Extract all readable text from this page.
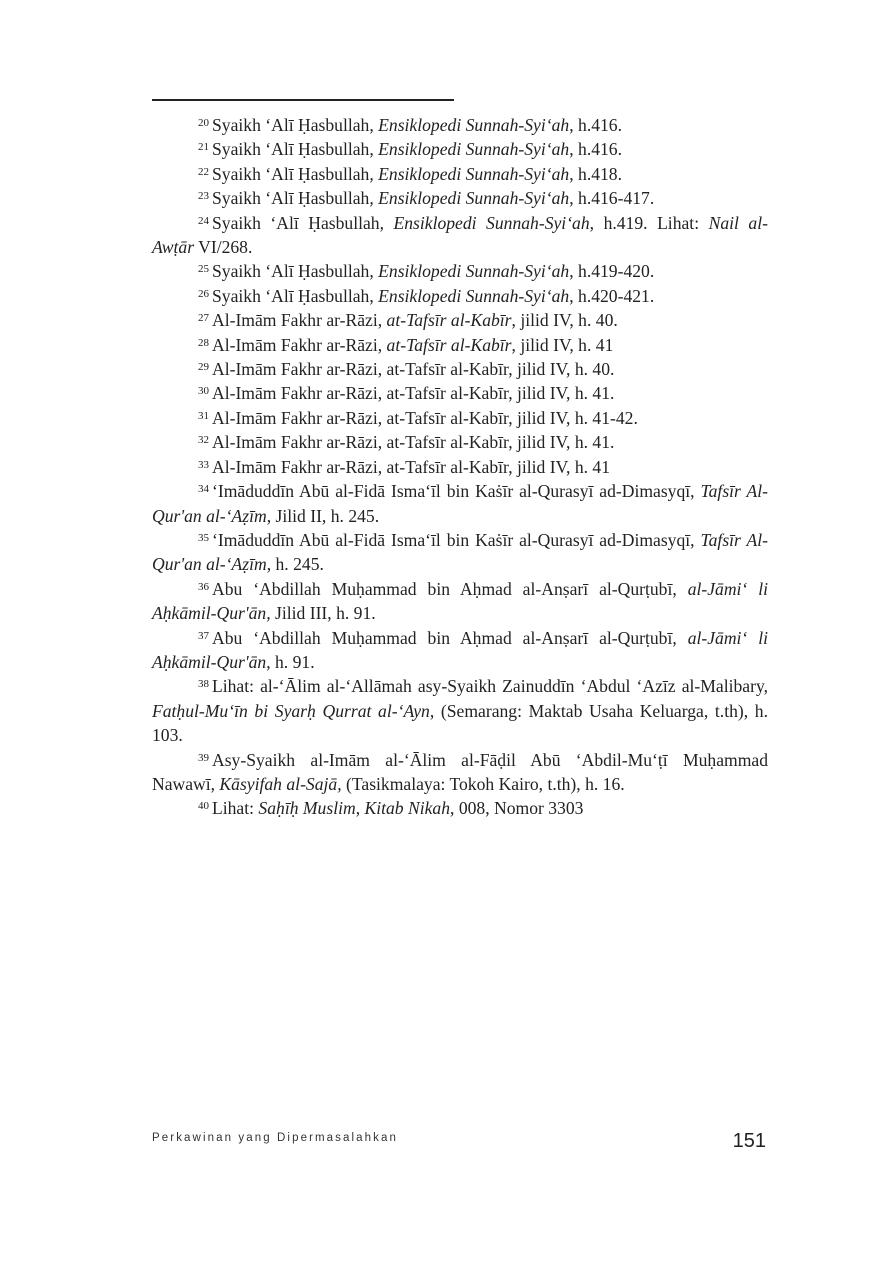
$^{20}$ Syaikh ‘Alī Ḥasbullah, Ensiklopedi Sunnah-Syi‘ah, h.416.

$^{21}$ Syaikh ‘Alī Ḥasbullah, Ensiklopedi Sunnah-Syi‘ah, h.416.

$^{22}$ Syaikh ‘Alī Ḥasbullah, Ensiklopedi Sunnah-Syi‘ah, h.418.

$^{23}$ Syaikh ‘Alī Ḥasbullah, Ensiklopedi Sunnah-Syi‘ah, h.416-417.

$^{24}$ Syaikh ‘Alī Ḥasbullah, Ensiklopedi Sunnah-Syi‘ah, h.419. Lihat: Nail al-Awṭār VI/268.

$^{25}$ Syaikh ‘Alī Ḥasbullah, Ensiklopedi Sunnah-Syi‘ah, h.419-420.

$^{26}$ Syaikh ‘Alī Ḥasbullah, Ensiklopedi Sunnah-Syi‘ah, h.420-421.

$^{27}$ Al-Imām Fakhr ar-Rāzi, at-Tafsīr al-Kabīr, jilid IV, h. 40.

$^{28}$ Al-Imām Fakhr ar-Rāzi, at-Tafsīr al-Kabīr, jilid IV, h. 41

$^{29}$ Al-Imām Fakhr ar-Rāzi, at-Tafsīr al-Kabīr, jilid IV, h. 40.

$^{30}$ Al-Imām Fakhr ar-Rāzi, at-Tafsīr al-Kabīr, jilid IV, h. 41.

$^{31}$ Al-Imām Fakhr ar-Rāzi, at-Tafsīr al-Kabīr, jilid IV, h. 41-42.

$^{32}$ Al-Imām Fakhr ar-Rāzi, at-Tafsīr al-Kabīr, jilid IV, h. 41.

$^{33}$ Al-Imām Fakhr ar-Rāzi, at-Tafsīr al-Kabīr, jilid IV, h. 41

$^{34}$ ‘Imāduddīn Abū al-Fidā Isma‘īl bin Kaṡīr al-Qurasyī ad-Dimasyqī, Tafsīr Al-Qur'an al-‘Aẓīm, Jilid II, h. 245.

$^{35}$ ‘Imāduddīn Abū al-Fidā Isma‘īl bin Kaṡīr al-Qurasyī ad-Dimasyqī, Tafsīr Al-Qur'an al-‘Aẓīm, h. 245.

$^{36}$ Abu ‘Abdillah Muḥammad bin Aḥmad al-Anṣarī al-Qurṭubī, al-Jāmi‘ li Aḥkāmil-Qur'ān, Jilid III, h. 91.

$^{37}$ Abu ‘Abdillah Muḥammad bin Aḥmad al-Anṣarī al-Qurṭubī, al-Jāmi‘ li Aḥkāmil-Qur'ān, h. 91.

$^{38}$ Lihat: al-‘Ālim al-‘Allāmah asy-Syaikh Zainuddīn ‘Abdul ‘Azīz al-Malibary, Fatḥul-Mu‘īn bi Syarḥ Qurrat al-‘Ayn, (Semarang: Maktab Usaha Keluarga, t.th), h. 103.

$^{39}$ Asy-Syaikh al-Imām al-‘Ālim al-Fāḍil Abū ‘Abdil-Mu‘ṭī Muḥammad Nawawī, Kāsyifah al-Sajā, (Tasikmalaya: Tokoh Kairo, t.th), h. 16.

$^{40}$ Lihat: Saḥīḥ Muslim, Kitab Nikah, 008, Nomor 3303

Perkawinan yang Dipermasalahkan	151
